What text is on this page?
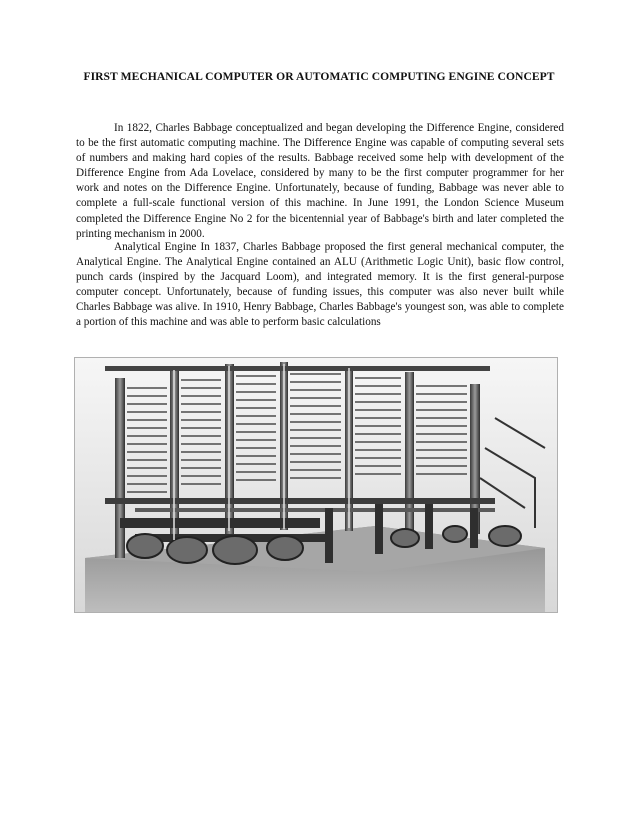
FIRST MECHANICAL COMPUTER OR AUTOMATIC COMPUTING ENGINE CONCEPT

In 1822, Charles Babbage conceptualized and began developing the Difference Engine, considered to be the first automatic computing machine. The Difference Engine was capable of computing several sets of numbers and making hard copies of the results. Babbage received some help with development of the Difference Engine from Ada Lovelace, considered by many to be the first computer programmer for her work and notes on the Difference Engine. Unfortunately, because of funding, Babbage was never able to complete a full-scale functional version of this machine. In June 1991, the London Science Museum completed the Difference Engine No 2 for the bicentennial year of Babbage's birth and later completed the printing mechanism in 2000.

Analytical Engine In 1837, Charles Babbage proposed the first general mechanical computer, the Analytical Engine. The Analytical Engine contained an ALU (Arithmetic Logic Unit), basic flow control, punch cards (inspired by the Jacquard Loom), and integrated memory. It is the first general-purpose computer concept. Unfortunately, because of funding issues, this computer was also never built while Charles Babbage was alive. In 1910, Henry Babbage, Charles Babbage's youngest son, was able to complete a portion of this machine and was able to perform basic calculations
